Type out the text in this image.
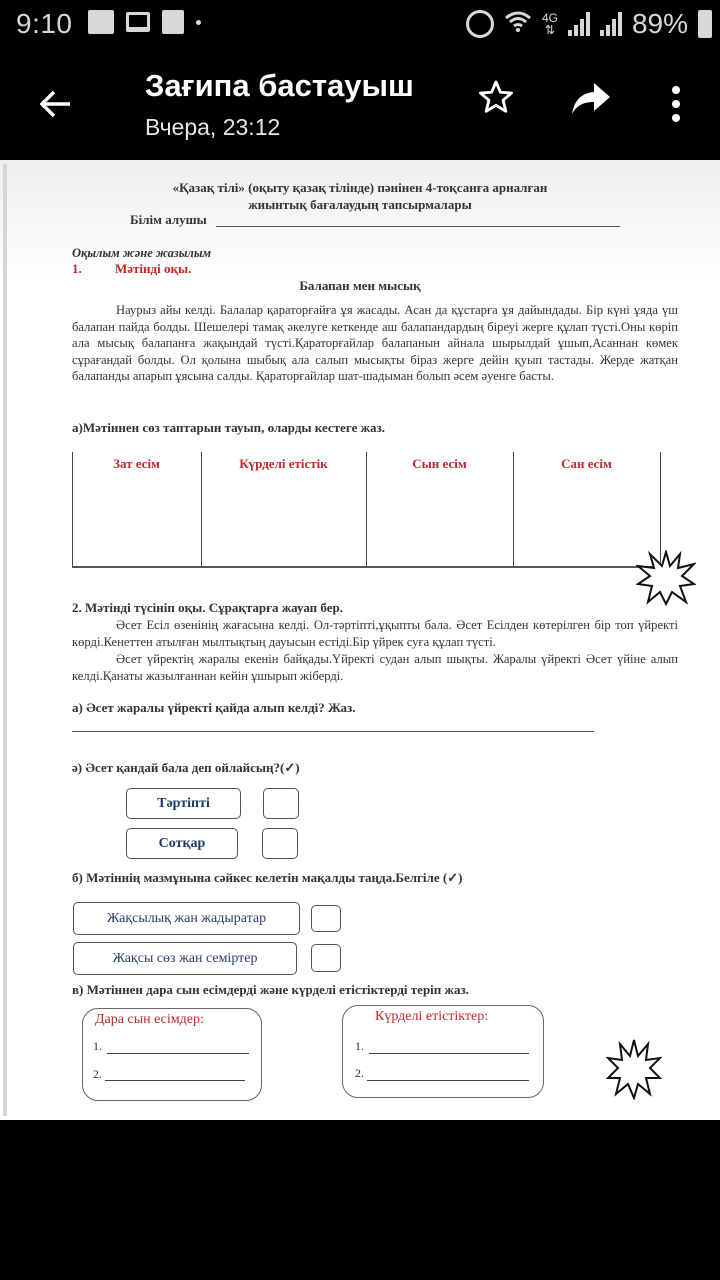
9:10	4G
⇅	89%
Зағипа бастауыш
Вчера, 23:12
«Қазақ тілі» (оқыту қазақ тілінде) пәнінен 4-тоқсанға арналған
жиынтық бағалаудың тапсырмалары
Білім алушы
Оқылым және жазылым
1.	Мәтінді оқы.
Балапан мен мысық
Наурыз айы келді. Балалар қараторғайға ұя жасады. Асан да құстарға ұя дайындады. Бір күні ұяда үш балапан пайда болды. Шешелері тамақ әкелуге кеткенде аш балапандардың біреуі жерге құлап түсті.Оны көріп ала мысық балапанға жақындай түсті.Қараторғайлар балапанын айнала шырылдай ұшып,Асаннан көмек сұрағандай болды. Ол қолына шыбық ала салып мысықты біраз жерге дейін қуып тастады. Жерде жатқан балапанды апарып ұясына салды. Қараторғайлар шат-шадыман болып әсем әуенге басты.
а)Мәтіннен сөз таптарын тауып, оларды кестеге жаз.
Зат есім	Күрделі етістік	Сын есім	Сан есім
2. Мәтінді түсініп оқы. Сұрақтарға жауап бер.
Әсет Есіл өзенінің жағасына келді. Ол-тәртіпті,ұқыпты бала. Әсет Есілден көтерілген бір топ үйректі көрді.Кенеттен атылған мылтықтың дауысын естіді.Бір үйрек суға құлап түсті.
Әсет үйректің жаралы екенін байқады.Үйректі судан алып шықты. Жаралы үйректі Әсет үйіне алып келді.Қанаты жазылғаннан кейін ұшырып жіберді.
а) Әсет жаралы үйректі қайда алып келді? Жаз.
ә) Әсет қандай бала деп ойлайсың?(✓)
Тәртіпті
Сотқар
б) Мәтіннің мазмұнына сәйкес келетін мақалды таңда.Белгіле (✓)
Жақсылық жан жадыратар
Жақсы сөз жан семіртер
в) Мәтіннен дара сын есімдерді және күрделі етістіктерді теріп жаз.
Дара сын есімдер:
1.
2.
Күрделі етістіктер:
1.
2.
